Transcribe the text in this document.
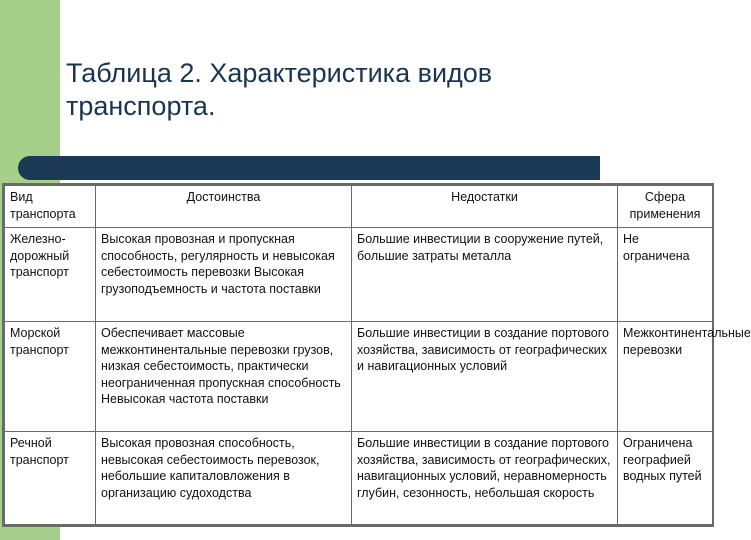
Таблица 2. Характеристика видов
транспорта.
Вид транспорта	Достоинства	Недостатки	Сфера применения
Железно-дорожный транспорт	Высокая провозная и пропускная способность, регулярность и невысокая себестоимость перевозки Высокая грузоподъемность и частота поставки	Большие инвестиции в сооружение путей, большие затраты металла	Не ограничена
Морской транспорт	Обеспечивает массовые межконтинентальные перевозки грузов, низкая себестоимость, практически неограниченная пропускная способность Невысокая частота поставки	Большие инвестиции в создание портового хозяйства, зависимость от географических и навигационных условий	Межконтинентальные перевозки
Речной транспорт	Высокая провозная способность, невысокая себестоимость перевозок, небольшие капиталовложения в организацию судоходства	Большие инвестиции в создание портового хозяйства, зависимость от географических, навигационных условий, неравномерность глубин, сезонность, небольшая скорость	Ограничена географией водных путей
